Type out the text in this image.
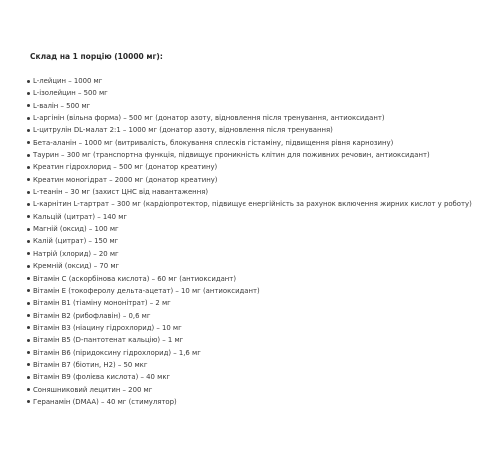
Склад на 1 порцію (10000 мг):
L-лейцин – 1000 мг
L-ізолейцин – 500 мг
L-валін – 500 мг
L-аргінін (вільна форма) – 500 мг (донатор азоту, відновлення після тренування, антиоксидант)
L-цитрулін DL-малат 2:1 – 1000 мг (донатор азоту, відновлення після тренування)
Бета-аланін – 1000 мг (витривалість, блокування сплесків гістаміну, підвищення рівня карнозину)
Таурин – 300 мг (транспортна функція, підвищує проникність клітин для поживних речовин, антиоксидант)
Креатин гідрохлорид – 500 мг (донатор креатину)
Креатин моногідрат – 2000 мг (донатор креатину)
L-теанін – 30 мг (захист ЦНС від навантаження)
L-карнітин L-тартрат – 300 мг (кардіопротектор, підвищує енергійність за рахунок включення жирних кислот у роботу)
Кальцій (цитрат) – 140 мг
Магній (оксид) – 100 мг
Калій (цитрат) – 150 мг
Натрій (хлорид) – 20 мг
Кремній (оксид) – 70 мг
Вітамін С (аскорбінова кислота) – 60 мг (антиоксидант)
Вітамін Е (токоферолу дельта-ацетат) – 10 мг (антиоксидант)
Вітамін В1 (тіаміну мононітрат) – 2 мг
Вітамін В2 (рибофлавін) – 0,6 мг
Вітамін В3 (ніацину гідрохлорид) – 10 мг
Вітамін В5 (D-пантотенат кальцію) – 1 мг
Вітамін В6 (піридоксину гідрохлорид) – 1,6 мг
Вітамін В7 (біотин, Н2) – 50 мкг
Вітамін В9 (фолієва кислота) – 40 мкг
Соняшниковий лецитин – 200 мг
Геранамін (DMAA) – 40 мг (стимулятор)
